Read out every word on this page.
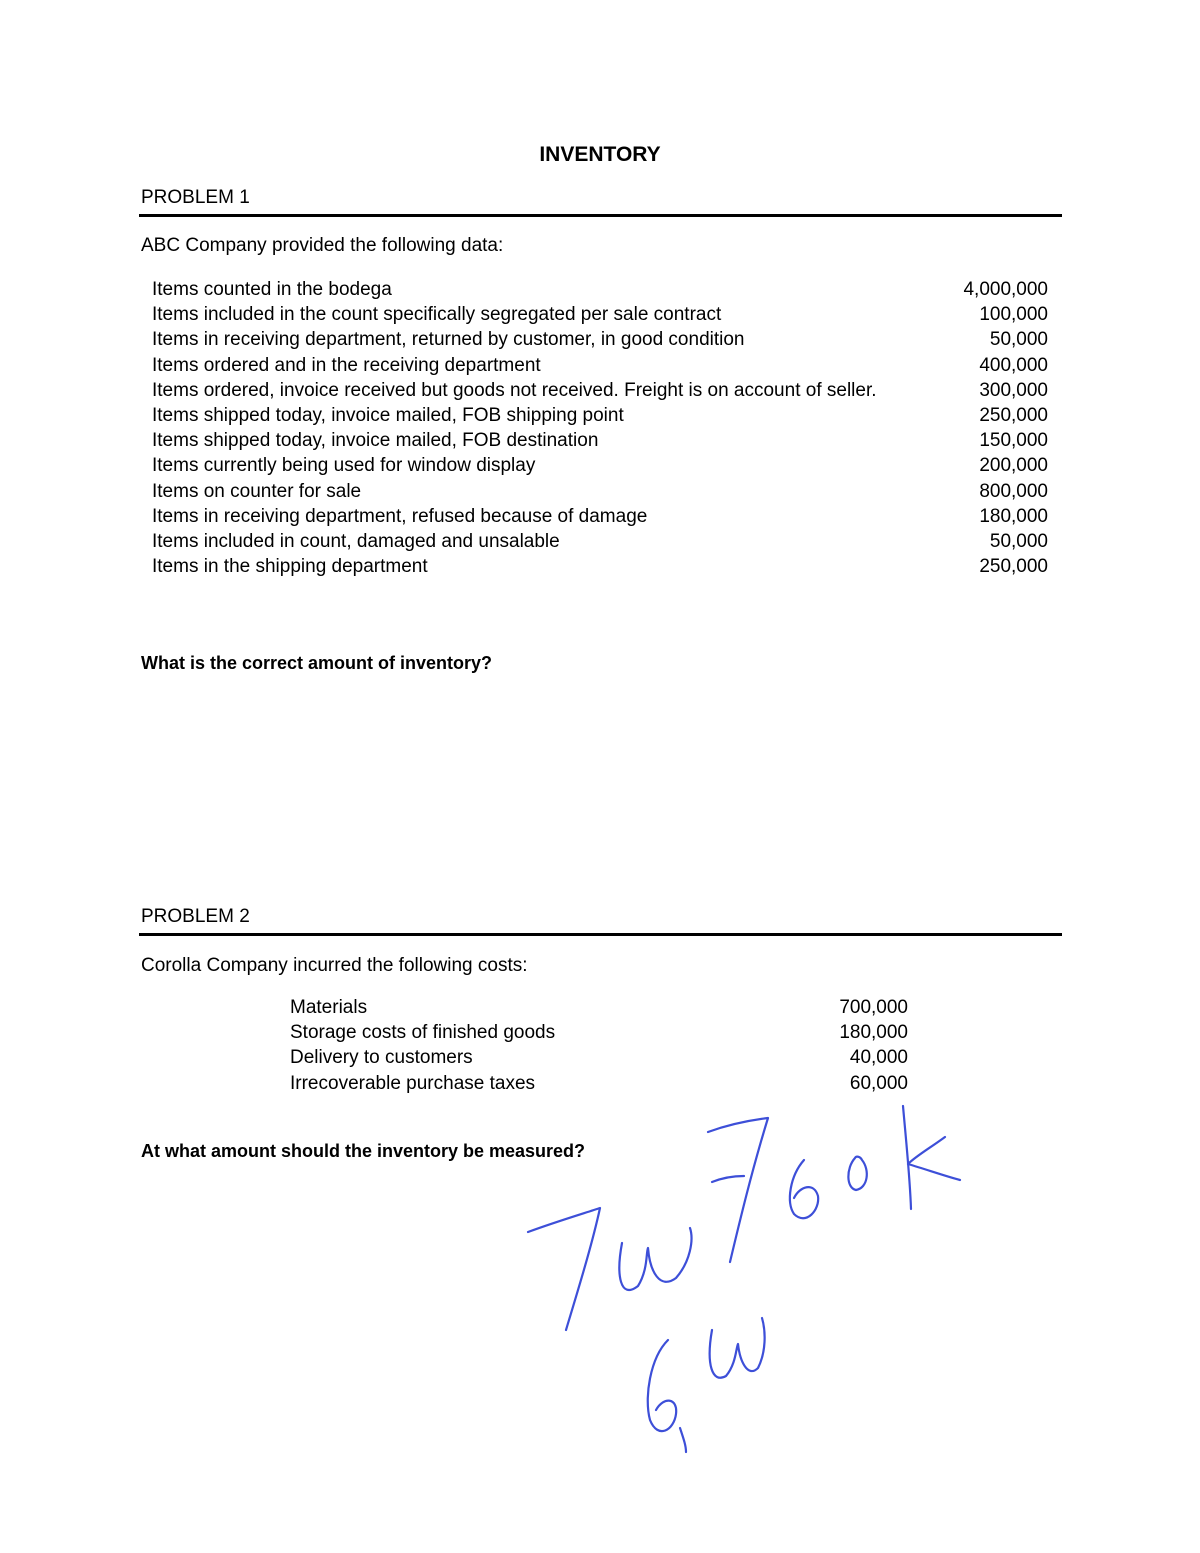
INVENTORY
PROBLEM 1
ABC Company provided the following data:
Items counted in the bodega	4,000,000
Items included in the count specifically segregated per sale contract	100,000
Items in receiving department, returned by customer, in good condition	50,000
Items ordered and in the receiving department	400,000
Items ordered, invoice received but goods not received. Freight is on account of seller.	300,000
Items shipped today, invoice mailed, FOB shipping point	250,000
Items shipped today, invoice mailed, FOB destination	150,000
Items currently being used for window display	200,000
Items on counter for sale	800,000
Items in receiving department, refused because of damage	180,000
Items included in count, damaged and unsalable	50,000
Items in the shipping department	250,000
What is the correct amount of inventory?
PROBLEM 2
Corolla Company incurred the following costs:
Materials	700,000
Storage costs of finished goods	180,000
Delivery to customers	40,000
Irrecoverable purchase taxes	60,000
At what amount should the inventory be measured?
